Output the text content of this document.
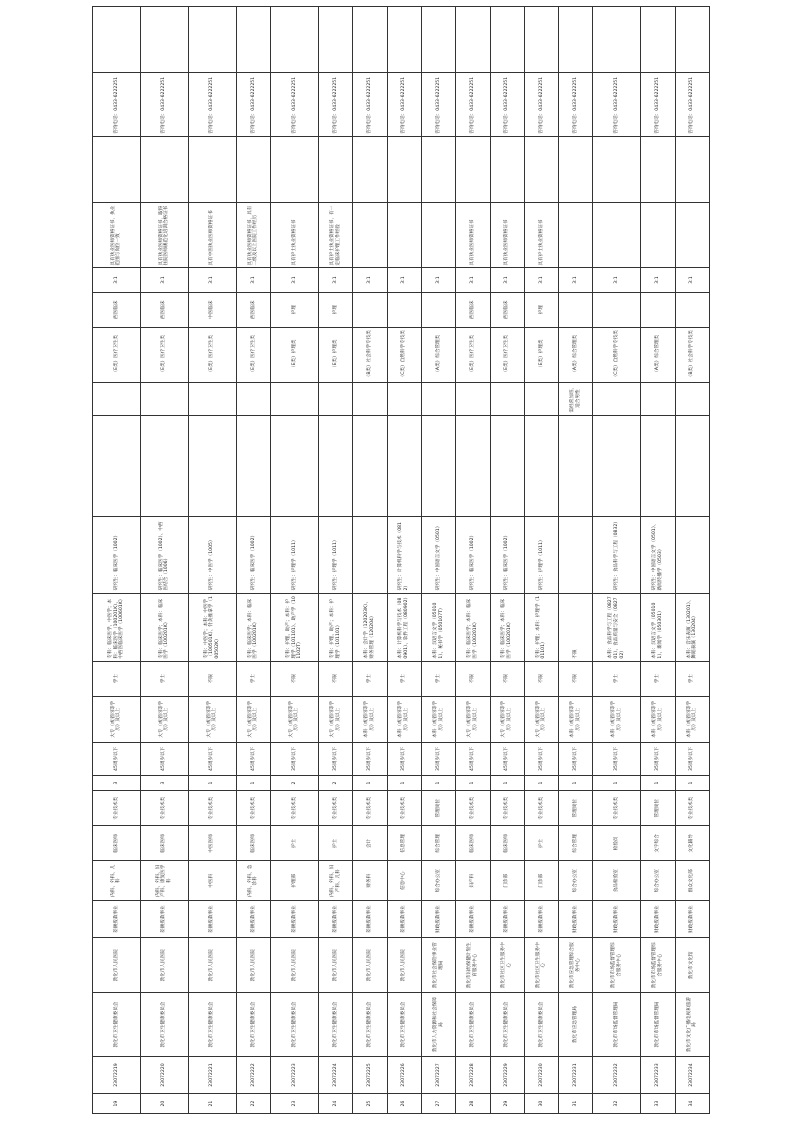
19	23072219	敦化市卫生健康委员会	敦化市人民医院	差额拨款事业	内科、外科、儿科	临床医师	专业技术类	3	45周岁以下	大专（或者同等学历）及以上	学士	专科：临床医学、中医学；本科：临床医学（100201K）、中西医临床医学（100601K）	研究生：临床医学（1002）			（E类）医疗卫生类	西医临床	3:1	具有执业医师资格证书，执业范围与岗位一致		咨询电话：0433-6222251	
20	23072220	敦化市卫生健康委员会	敦化市人民医院	差额拨款事业	内科、外科、妇产科、康复医学科	临床医师	专业技术类	3	45周岁以下	大专（或者同等学历）及以上	学士	专科：临床医学；本科：临床医学（100201K）	研究生：临床医学（1002）、中西医结合（1006）			（E类）医疗卫生类	西医临床	3:1	具有执业医师资格证书，取得住院医师规范化培训合格证书		咨询电话：0433-6222251	
21	23072221	敦化市卫生健康委员会	敦化市人民医院	差额拨款事业	中医科	中医医师	专业技术类	1	45周岁以下	大专（或者同等学历）及以上	不限	专科：中医学；本科：中医学（100501K）、针灸推拿学（100502K）	研究生：中医学（1005）			（E类）医疗卫生类	中医临床	3:1	具有中医执业医师资格证书		咨询电话：0433-6222251	
22	23072222	敦化市卫生健康委员会	敦化市人民医院	差额拨款事业	内科、外科、急诊科	临床医师	专业技术类	1	45周岁以下	大专（或者同等学历）及以上	学士	专科：临床医学；本科：临床医学（100201K）	研究生：临床医学（1002）			（E类）医疗卫生类	西医临床	3:1	具有执业医师资格证书，具有二级及以上医院工作经历		咨询电话：0433-6222251	
23	23072223	敦化市卫生健康委员会	敦化市人民医院	差额拨款事业	护理部	护士	专业技术类	2	35周岁以下	大专（或者同等学历）及以上	不限	专科：护理、助产；本科：护理学（101101）、助产学（101102T）	研究生：护理学（1011）			（E类）护理类	护理	3:1	具有护士执业资格证书		咨询电话：0433-6222251	
24	23072224	敦化市卫生健康委员会	敦化市人民医院	差额拨款事业	内科、外科、妇产科、儿科	护士	专业技术类	2	35周岁以下	大专（或者同等学历）及以上	不限	专科：护理、助产；本科：护理学（101101）	研究生：护理学（1011）			（E类）护理类	护理	3:1	具有护士执业资格证书，有一定临床护理工作经验		咨询电话：0433-6222251	
25	23072225	敦化市卫生健康委员会	敦化市人民医院	差额拨款事业	财务科	会计	专业技术类	1	35周岁以下	本科（或者同等学历）及以上	学士	本科：会计学（120203K）、财务管理（120204）				（B类）社会科学专技类		3:1			咨询电话：0433-6222251	
26	23072226	敦化市卫生健康委员会	敦化市人民医院	差额拨款事业	信息中心	信息管理	专业技术类	1	35周岁以下	本科（或者同等学历）及以上	学士	本科：计算机科学与技术（080901）、软件工程（080902）	研究生：计算机科学与技术（0812）			（C类）自然科学专技类		3:1			咨询电话：0433-6222251	
27	23072227	敦化市人力资源和社会保障局	敦化市社会保险事业管理局	财政拨款事业	综合办公室	综合管理	管理岗位	1	35周岁以下	本科（或者同等学历）及以上	学士	本科：汉语言文学（050101）、秘书学（050107T）	研究生：中国语言文学（0501）			（A类）综合管理类		3:1			咨询电话：0433-6222251	
28	23072228	敦化市卫生健康委员会	敦化市妇幼保健计划生育服务中心	差额拨款事业	妇产科	临床医师	专业技术类	1	45周岁以下	大专（或者同等学历）及以上	不限	专科：临床医学；本科：临床医学（100201K）	研究生：临床医学（1002）			（E类）医疗卫生类	西医临床	3:1	具有执业医师资格证书		咨询电话：0433-6222251	
29	23072229	敦化市卫生健康委员会	敦化市社区卫生服务中心	差额拨款事业	门诊部	临床医师	专业技术类	1	45周岁以下	大专（或者同等学历）及以上	不限	专科：临床医学；本科：临床医学（100201K）	研究生：临床医学（1002）			（E类）医疗卫生类	西医临床	3:1	具有执业医师资格证书		咨询电话：0433-6222251	
30	23072230	敦化市卫生健康委员会	敦化市社区卫生服务中心	差额拨款事业	门诊部	护士	专业技术类	1	35周岁以下	大专（或者同等学历）及以上	不限	专科：护理；本科：护理学（101101）	研究生：护理学（1011）			（E类）护理类	护理	3:1	具有护士执业资格证书		咨询电话：0433-6222251	
31	23072231	敦化市应急管理局	敦化市应急管理综合服务中心	财政拨款事业	综合办公室	综合管理	管理岗位	1	35周岁以下	本科（或者同等学历）及以上	不限	不限			需经常加班，适合男性	（A类）综合管理类		3:1			咨询电话：0433-6222251	
32	23072232	敦化市市场监督管理局	敦化市市场监督管理综合服务中心	财政拨款事业	食品检验室	检验员	专业技术类	1	35周岁以下	本科（或者同等学历）及以上	学士	本科：食品科学与工程（082701）、食品质量与安全（082702）	研究生：食品科学与工程（0832）			（C类）自然科学专技类		3:1			咨询电话：0433-6222251	
33	23072233	敦化市市场监督管理局	敦化市市场监督管理综合服务中心	财政拨款事业	综合办公室	文字综合	管理岗位	1	35周岁以下	本科（或者同等学历）及以上	学士	本科：汉语言文学（050101）、新闻学（050301）	研究生：中国语言文学（0501）、新闻传播学（0503）			（A类）综合管理类		3:1			咨询电话：0433-6222251	
34	23072234	敦化市文化广播电视和旅游局	敦化市文化馆	财政拨款事业	群众文化部	文化辅导	专业技术类	1	35周岁以下	本科（或者同等学历）及以上	学士	本科：音乐表演（130201）、舞蹈表演（130204）				（B类）社会科学专技类		3:1			咨询电话：0433-6222251	
